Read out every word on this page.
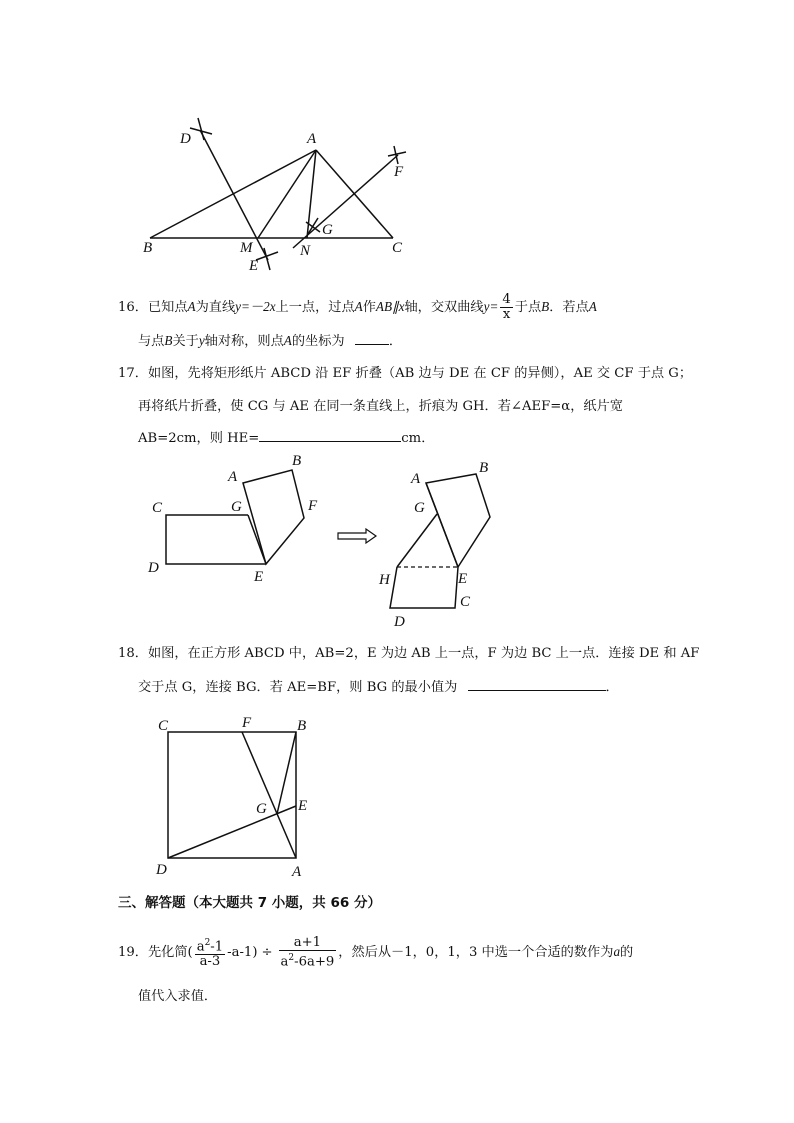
A
B	C
D
E
F
G
M	N
16．已知点A为直线y=－2x上一点，过点A作AB∥x轴，交双曲线$y= \frac{4}{x}$ 于点B．若点A
与点B关于y轴对称，则点A的坐标为	．
17．如图，先将矩形纸片 ABCD 沿 EF 折叠（AB 边与 DE 在 CF 的异侧），AE 交 CF 于点 G；
再将纸片折叠，使 CG 与 AE 在同一条直线上，折痕为 GH．若∠AEF=α，纸片宽
AB=2cm，则 HE=	cm．
A
B
C
D
E
F
G
A
B
C
D
E
G
H
18．如图，在正方形 ABCD 中，AB=2，E 为边 AB 上一点，F 为边 BC 上一点．连接 DE 和 AF
交于点 G，连接 BG．若 AE=BF，则 BG 的最小值为	．
A
B
C
D
E
F
G
三、解答题（本大题共 7 小题，共 66 分）
19．先化简( $\frac{a^2-1}{a-3} -a-1) \div \frac{a+1}{a^2-6a+9}$ ，然后从－1，0，1，3 中选一个合适的数作为a的
值代入求值．
